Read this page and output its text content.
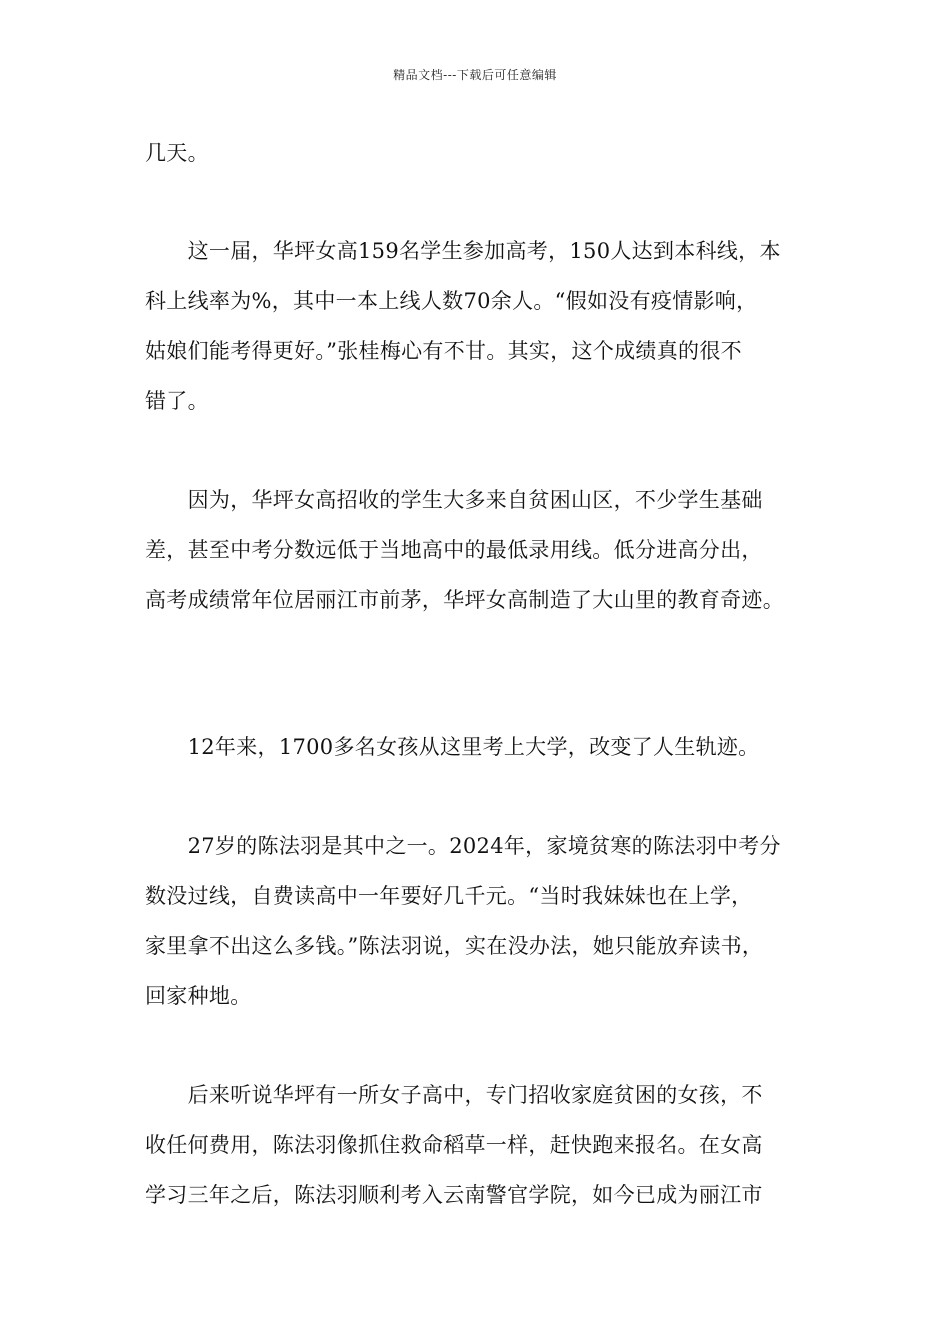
精品文档---下载后可任意编辑
几天。
　　这一届，华坪女高159名学生参加高考，150人达到本科线，本
科上线率为%，其中一本上线人数70余人。“假如没有疫情影响，
姑娘们能考得更好。”张桂梅心有不甘。其实，这个成绩真的很不
错了。
　　因为，华坪女高招收的学生大多来自贫困山区，不少学生基础
差，甚至中考分数远低于当地高中的最低录用线。低分进高分出，
高考成绩常年位居丽江市前茅，华坪女高制造了大山里的教育奇迹。
　　12年来，1700多名女孩从这里考上大学，改变了人生轨迹。
　　27岁的陈法羽是其中之一。2024年，家境贫寒的陈法羽中考分
数没过线，自费读高中一年要好几千元。“当时我妹妹也在上学，
家里拿不出这么多钱。”陈法羽说，实在没办法，她只能放弃读书，
回家种地。
　　后来听说华坪有一所女子高中，专门招收家庭贫困的女孩，不
收任何费用，陈法羽像抓住救命稻草一样，赶快跑来报名。在女高
学习三年之后，陈法羽顺利考入云南警官学院，如今已成为丽江市
